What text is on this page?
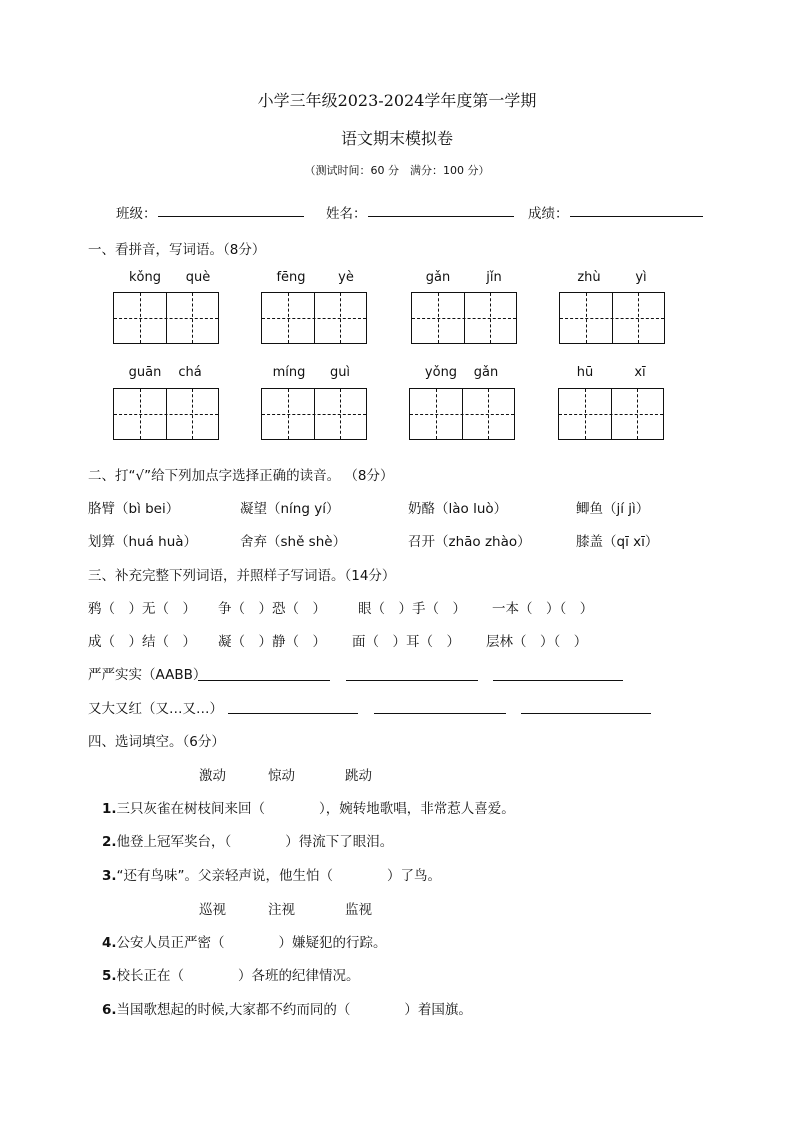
小学三年级2023-2024学年度第一学期
语文期末模拟卷
（测试时间：60 分　满分：100 分）
班级：	姓名：	成绩：
一、看拼音，写词语。（8分）
kǒng	què	fēng	yè	gǎn	jǐn	zhù	yì
guān	chá	míng	guì	yǒng	gǎn	hū	xī
二、打“√”给下列加点字选择正确的读音。 （8分）
胳臂（bì bei）	凝望（níng yí）	奶酪（lào luò）	鲫鱼（jí jì）
划算（huá huà）	舍弃（shě shè）	召开（zhāo zhào）	膝盖（qī xī）
三、补充完整下列词语，并照样子写词语。（14分）
鸦（　）无（　） 争（　）恐（　） 眼（　）手（　） 一本（　）（　）
成（　）结（　） 凝（　）静（　） 面（　）耳（　） 层林（　）（　）
严严实实（AABB）
又大又红（又…又…）
四、选词填空。（6分）
激动	惊动	跳动
1.三只灰雀在树枝间来回（　　　　），婉转地歌唱，非常惹人喜爱。
2.他登上冠军奖台，（　　　　）得流下了眼泪。
3.“还有鸟味”。父亲轻声说，他生怕（　　　　）了鸟。
巡视	注视	监视
4.公安人员正严密（　　　　）嫌疑犯的行踪。
5.校长正在（　　　　）各班的纪律情况。
6.当国歌想起的时候,大家都不约而同的（　　　　）着国旗。
